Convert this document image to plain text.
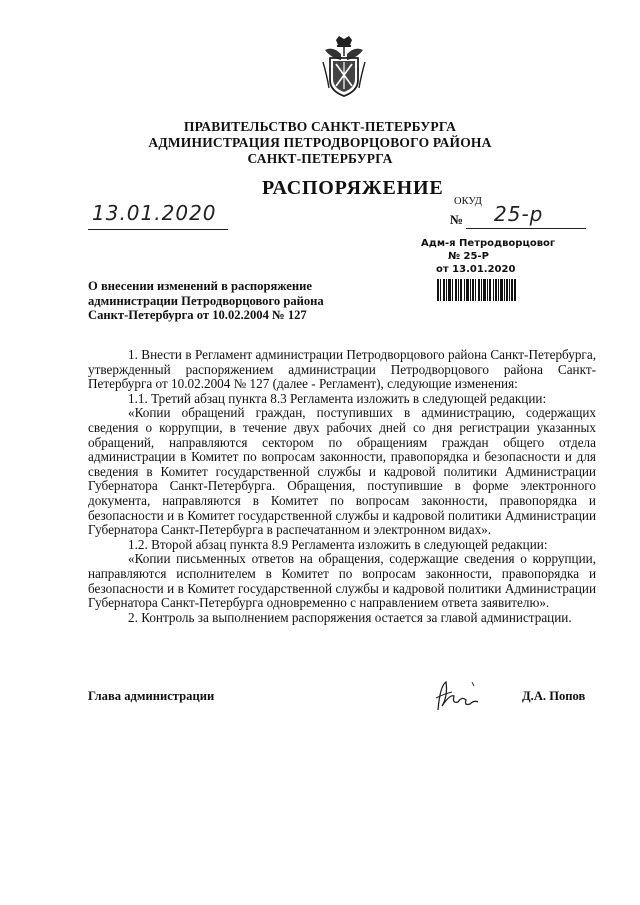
ПРАВИТЕЛЬСТВО САНКТ-ПЕТЕРБУРГА
АДМИНИСТРАЦИЯ ПЕТРОДВОРЦОВОГО РАЙОНА
САНКТ-ПЕТЕРБУРГА
РАСПОРЯЖЕНИЕ
13.01.2020	ОКУД
№ 25-р
Адм-я Петродворцовог
№ 25-Р
от 13.01.2020
О внесении изменений в распоряжение
администрации Петродворцового района
Санкт-Петербурга от 10.02.2004 № 127

1. Внести в Регламент администрации Петродворцового района Санкт-Петербурга, утвержденный распоряжением администрации Петродворцового района Санкт-Петербурга от 10.02.2004 № 127 (далее - Регламент), следующие изменения:

1.1. Третий абзац пункта 8.3 Регламента изложить в следующей редакции:

«Копии обращений граждан, поступивших в администрацию, содержащих сведения о коррупции, в течение двух рабочих дней со дня регистрации указанных обращений, направляются сектором по обращениям граждан общего отдела администрации в Комитет по вопросам законности, правопорядка и безопасности и для сведения в Комитет государственной службы и кадровой политики Администрации Губернатора Санкт-Петербурга. Обращения, поступившие в форме электронного документа, направляются в Комитет по вопросам законности, правопорядка и безопасности и в Комитет государственной службы и кадровой политики Администрации Губернатора Санкт-Петербурга в распечатанном и электронном видах».

1.2. Второй абзац пункта 8.9 Регламента изложить в следующей редакции:

«Копии письменных ответов на обращения, содержащие сведения о коррупции, направляются исполнителем в Комитет по вопросам законности, правопорядка и безопасности и в Комитет государственной службы и кадровой политики Администрации Губернатора Санкт-Петербурга одновременно с направлением ответа заявителю».

2. Контроль за выполнением распоряжения остается за главой администрации.

Глава администрации	Д.А. Попов
